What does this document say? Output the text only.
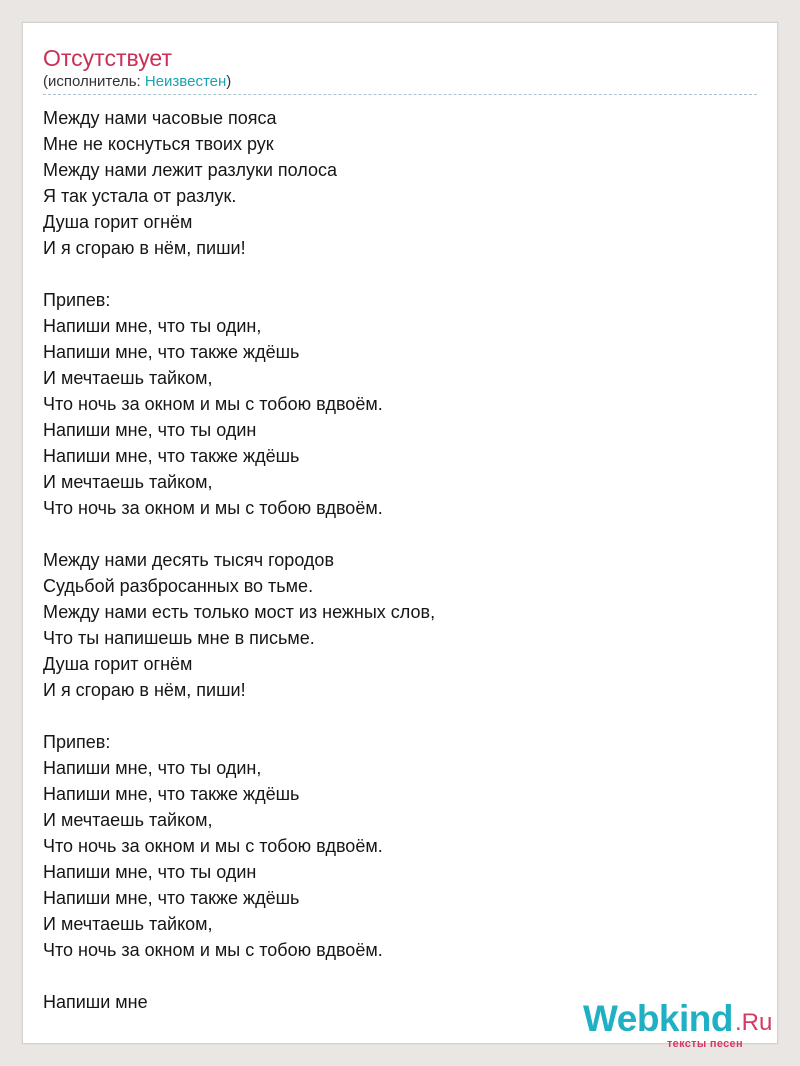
Отсутствует
(исполнитель: Неизвестен)
Между нами часовые пояса
Мне не коснуться твоих рук
Между нами лежит разлуки полоса
Я так устала от разлук.
Душа горит огнём
И я сгораю в нём, пиши!
Припев:
Напиши мне, что ты один,
Напиши мне, что также ждёшь
И мечтаешь тайком,
Что ночь за окном и мы с тобою вдвоём.
Напиши мне, что ты один
Напиши мне, что также ждёшь
И мечтаешь тайком,
Что ночь за окном и мы с тобою вдвоём.
Между нами десять тысяч городов
Судьбой разбросанных во тьме.
Между нами есть только мост из нежных слов,
Что ты напишешь мне в письме.
Душа горит огнём
И я сгораю в нём, пиши!
Припев:
Напиши мне, что ты один,
Напиши мне, что также ждёшь
И мечтаешь тайком,
Что ночь за окном и мы с тобою вдвоём.
Напиши мне, что ты один
Напиши мне, что также ждёшь
И мечтаешь тайком,
Что ночь за окном и мы с тобою вдвоём.
Напиши мне	Webkind .Ru
тексты песен
